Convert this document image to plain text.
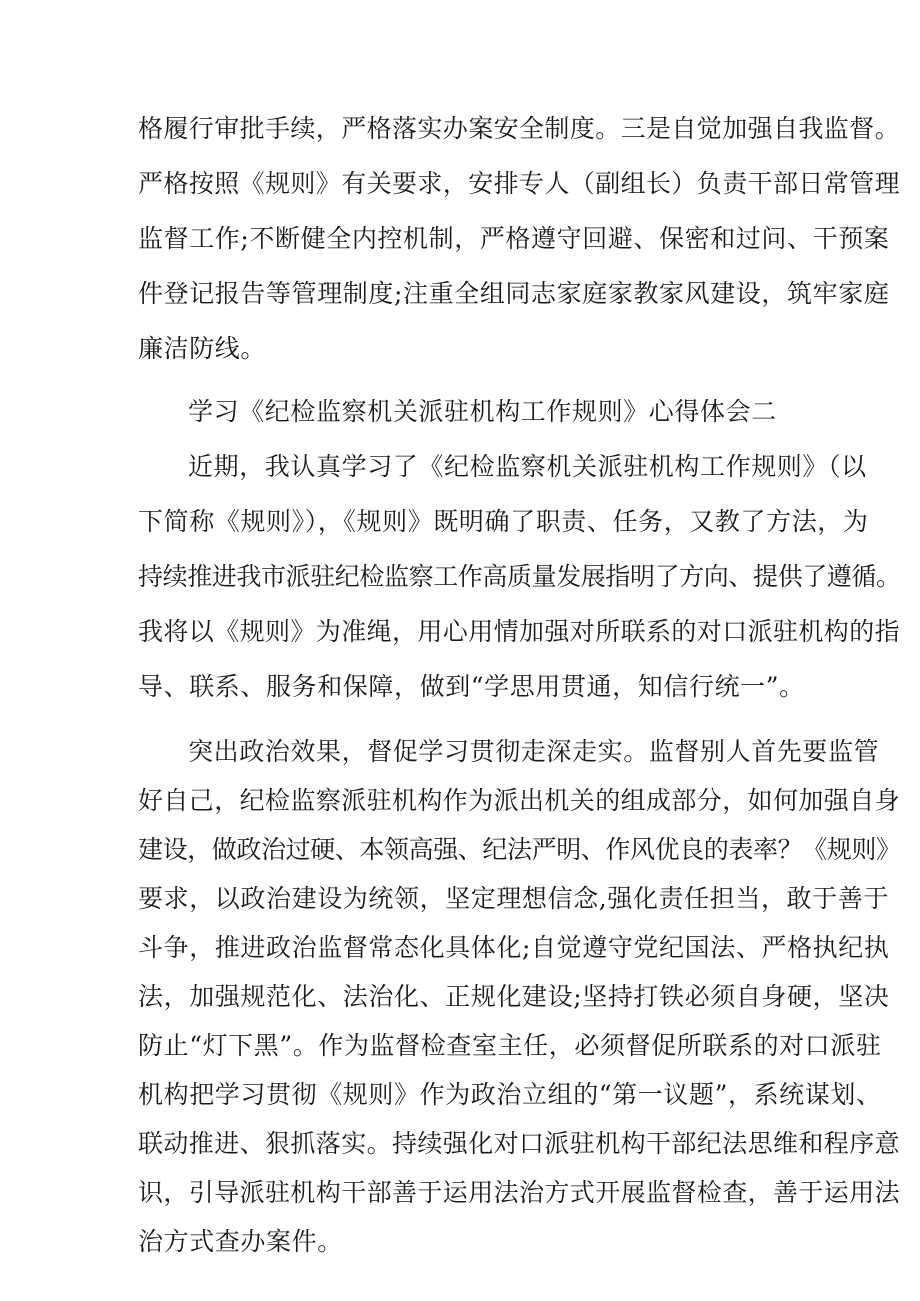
格履行审批手续，严格落实办案安全制度。三是自觉加强自我监督。
严格按照《规则》有关要求，安排专人（副组长）负责干部日常管理
监督工作;不断健全内控机制，严格遵守回避、保密和过问、干预案
件登记报告等管理制度;注重全组同志家庭家教家风建设，筑牢家庭
廉洁防线。
学习《纪检监察机关派驻机构工作规则》心得体会二
近期，我认真学习了《纪检监察机关派驻机构工作规则》（以
下简称《规则》），《规则》既明确了职责、任务，又教了方法，为
持续推进我市派驻纪检监察工作高质量发展指明了方向、提供了遵循。
我将以《规则》为准绳，用心用情加强对所联系的对口派驻机构的指
导、联系、服务和保障，做到“学思用贯通，知信行统一”。
突出政治效果，督促学习贯彻走深走实。监督别人首先要监管
好自己，纪检监察派驻机构作为派出机关的组成部分，如何加强自身
建设，做政治过硬、本领高强、纪法严明、作风优良的表率？《规则》
要求，以政治建设为统领，坚定理想信念,强化责任担当，敢于善于
斗争，推进政治监督常态化具体化;自觉遵守党纪国法、严格执纪执
法，加强规范化、法治化、正规化建设;坚持打铁必须自身硬，坚决
防止“灯下黑”。作为监督检查室主任，必须督促所联系的对口派驻
机构把学习贯彻《规则》作为政治立组的“第一议题”，系统谋划、
联动推进、狠抓落实。持续强化对口派驻机构干部纪法思维和程序意
识，引导派驻机构干部善于运用法治方式开展监督检查，善于运用法
治方式查办案件。
